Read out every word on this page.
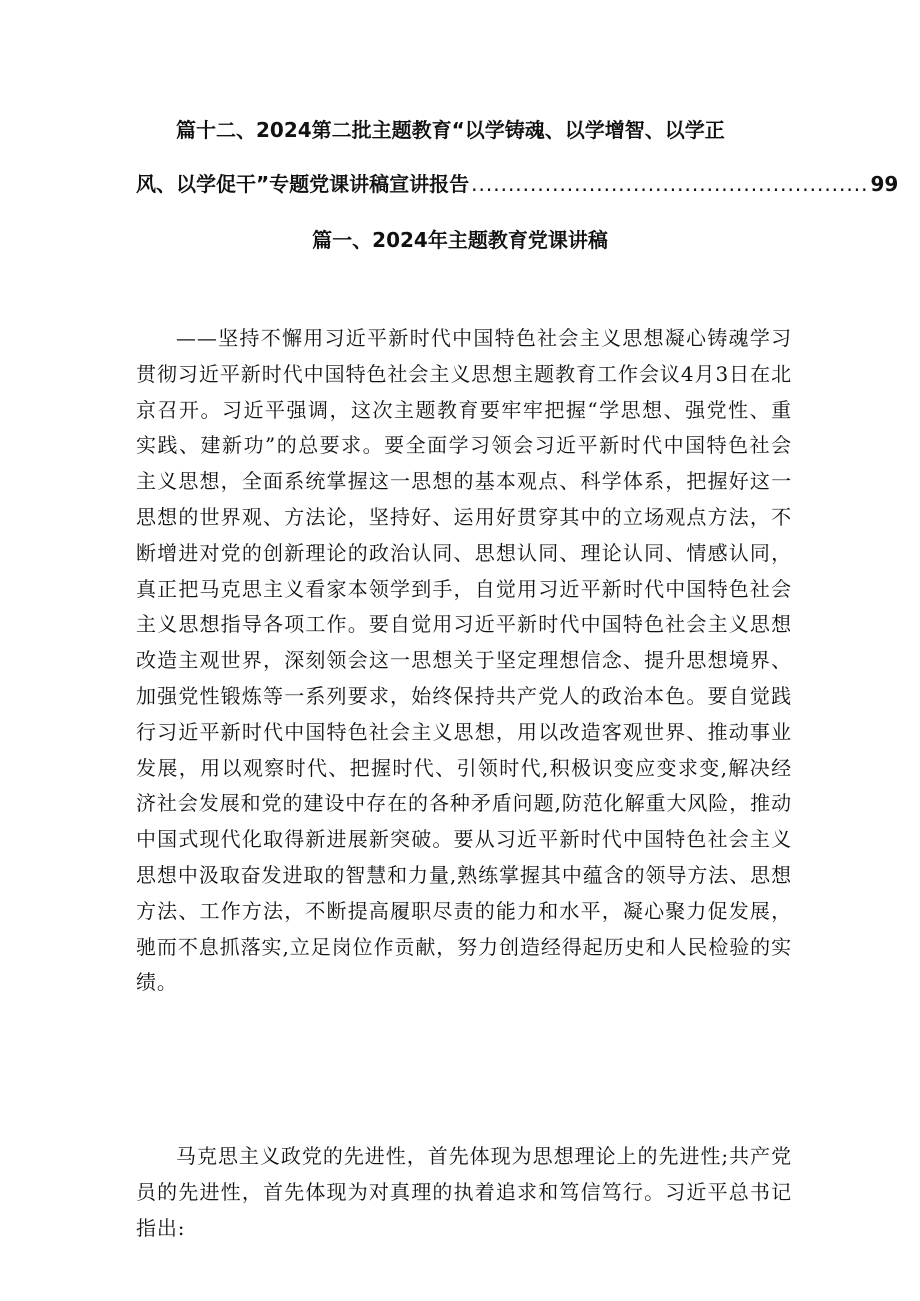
篇十二、2024第二批主题教育“以学铸魂、以学增智、以学正
风、以学促干”专题党课讲稿宣讲报告 ...................................................... 99
篇一、2024年主题教育党课讲稿

——坚持不懈用习近平新时代中国特色社会主义思想凝心铸魂学习贯彻习近平新时代中国特色社会主义思想主题教育工作会议4月3日在北京召开。习近平强调，这次主题教育要牢牢把握“学思想、强党性、重实践、建新功”的总要求。要全面学习领会习近平新时代中国特色社会主义思想，全面系统掌握这一思想的基本观点、科学体系，把握好这一思想的世界观、方法论，坚持好、运用好贯穿其中的立场观点方法，不断增进对党的创新理论的政治认同、思想认同、理论认同、情感认同，真正把马克思主义看家本领学到手，自觉用习近平新时代中国特色社会主义思想指导各项工作。要自觉用习近平新时代中国特色社会主义思想改造主观世界，深刻领会这一思想关于坚定理想信念、提升思想境界、加强党性锻炼等一系列要求，始终保持共产党人的政治本色。要自觉践行习近平新时代中国特色社会主义思想，用以改造客观世界、推动事业发展，用以观察时代、把握时代、引领时代,积极识变应变求变,解决经济社会发展和党的建设中存在的各种矛盾问题,防范化解重大风险，推动中国式现代化取得新进展新突破。要从习近平新时代中国特色社会主义思想中汲取奋发进取的智慧和力量,熟练掌握其中蕴含的领导方法、思想方法、工作方法，不断提高履职尽责的能力和水平，凝心聚力促发展，驰而不息抓落实,立足岗位作贡献，努力创造经得起历史和人民检验的实绩。

马克思主义政党的先进性，首先体现为思想理论上的先进性;共产党员的先进性，首先体现为对真理的执着追求和笃信笃行。习近平总书记指出:
